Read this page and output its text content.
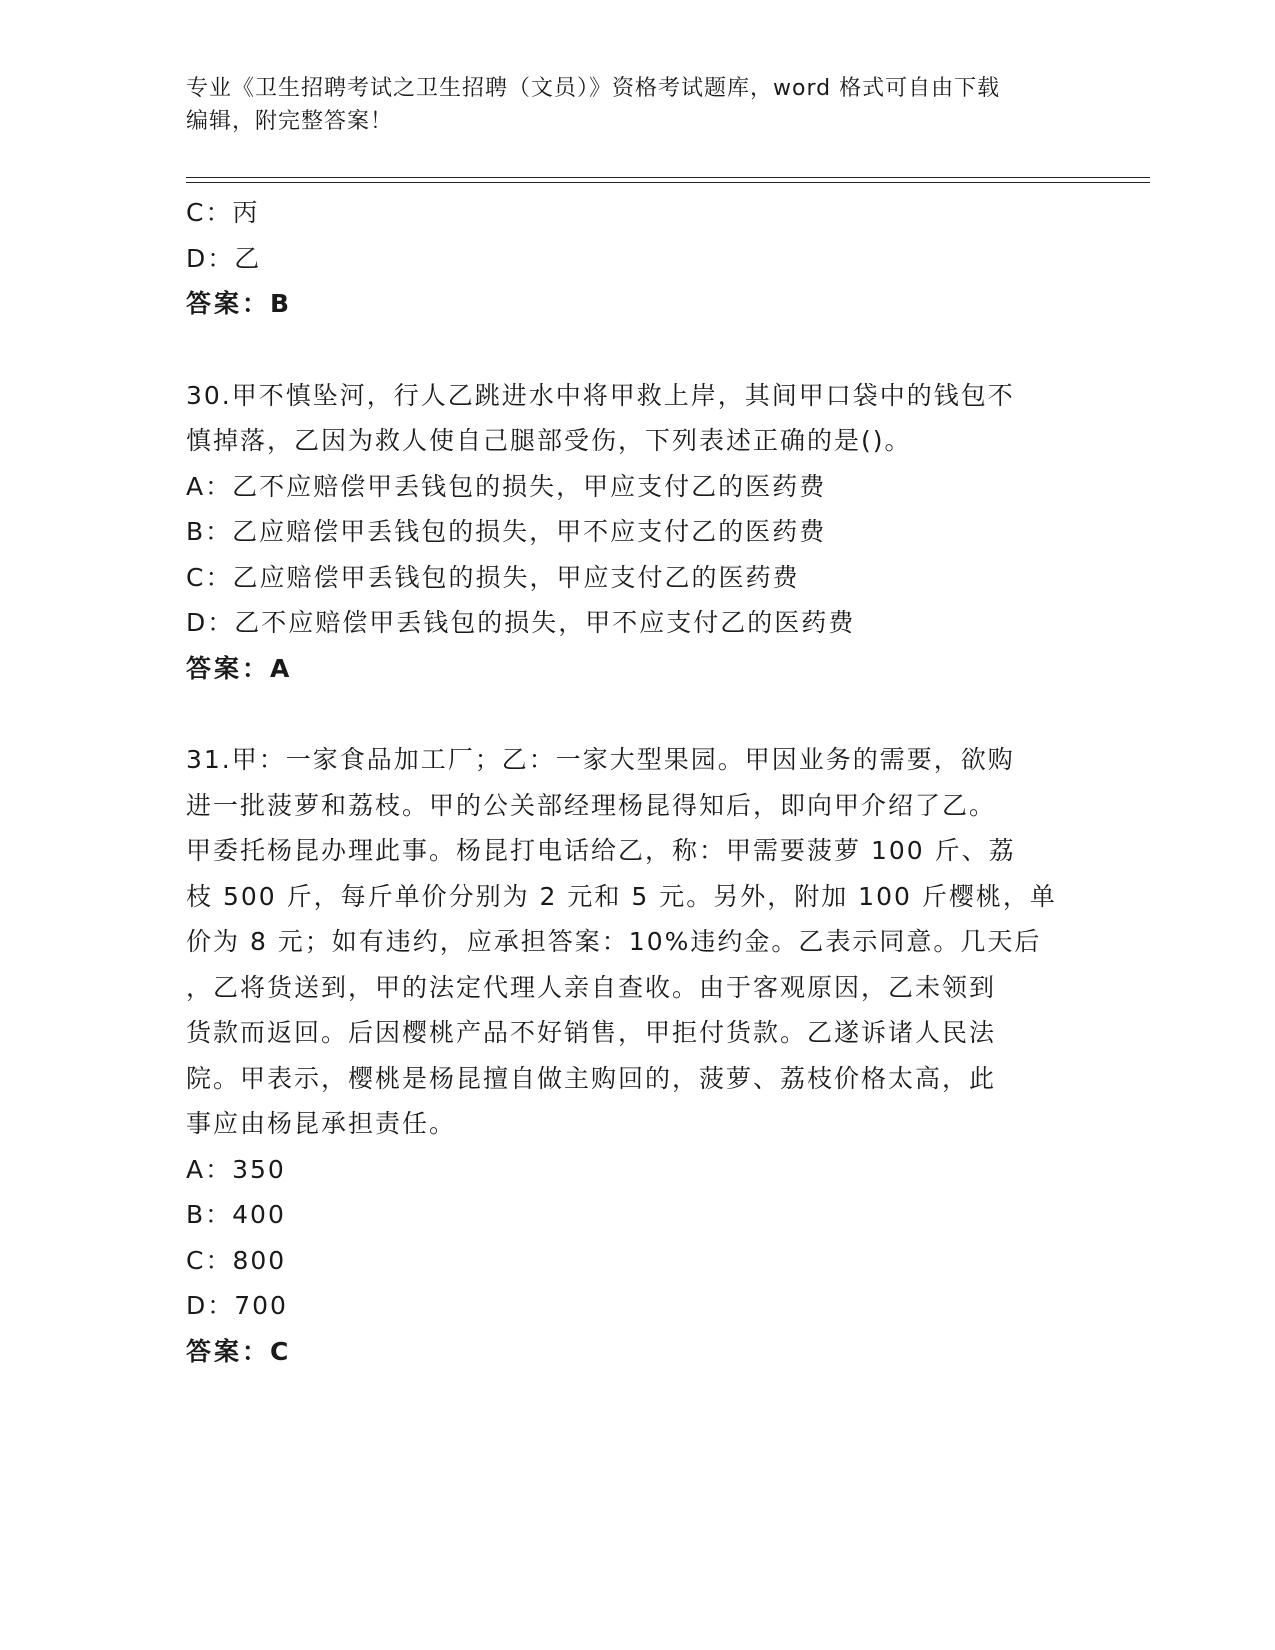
专业《卫生招聘考试之卫生招聘（文员）》资格考试题库，word 格式可自由下载
编辑，附完整答案！
C：丙
D：乙
答案：B
30.甲不慎坠河，行人乙跳进水中将甲救上岸，其间甲口袋中的钱包不
慎掉落，乙因为救人使自己腿部受伤，下列表述正确的是()。
A：乙不应赔偿甲丢钱包的损失，甲应支付乙的医药费
B：乙应赔偿甲丢钱包的损失，甲不应支付乙的医药费
C：乙应赔偿甲丢钱包的损失，甲应支付乙的医药费
D：乙不应赔偿甲丢钱包的损失，甲不应支付乙的医药费
答案：A
31.甲：一家食品加工厂；乙：一家大型果园。甲因业务的需要，欲购
进一批菠萝和荔枝。甲的公关部经理杨昆得知后，即向甲介绍了乙。
甲委托杨昆办理此事。杨昆打电话给乙，称：甲需要菠萝 100 斤、荔
枝 500 斤，每斤单价分别为 2 元和 5 元。另外，附加 100 斤樱桃，单
价为 8 元；如有违约，应承担答案：10%违约金。乙表示同意。几天后
，乙将货送到，甲的法定代理人亲自查收。由于客观原因，乙未领到
货款而返回。后因樱桃产品不好销售，甲拒付货款。乙遂诉诸人民法
院。甲表示，樱桃是杨昆擅自做主购回的，菠萝、荔枝价格太高，此
事应由杨昆承担责任。
A：350
B：400
C：800
D：700
答案：C
